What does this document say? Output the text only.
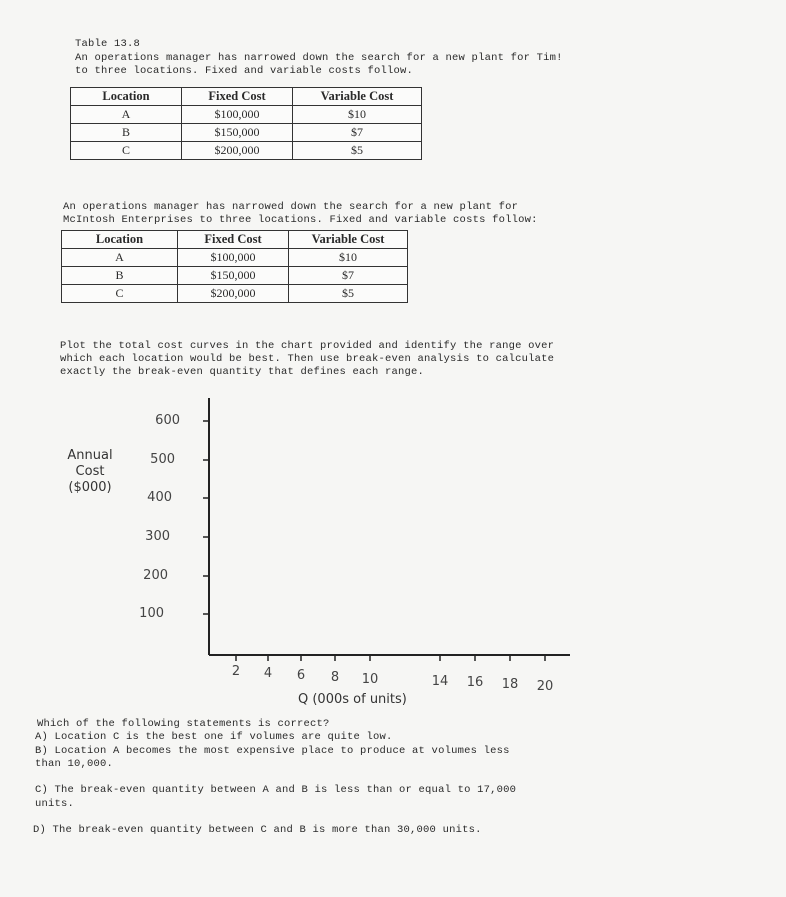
Table 13.8
An operations manager has narrowed down the search for a new plant for Tim!
to three locations. Fixed and variable costs follow.
Location	Fixed Cost	Variable Cost
A	$100,000	$10
B	$150,000	$7
C	$200,000	$5
An operations manager has narrowed down the search for a new plant for
McIntosh Enterprises to three locations. Fixed and variable costs follow:
Location	Fixed Cost	Variable Cost
A	$100,000	$10
B	$150,000	$7
C	$200,000	$5
Plot the total cost curves in the chart provided and identify the range over
which each location would be best. Then use break-even analysis to calculate
exactly the break-even quantity that defines each range.
Annual
Cost
($000)
600
500
400
300
200
100
2	4	6	8	10	14	16	18	20
Q (000s of units)
Which of the following statements is correct?
A) Location C is the best one if volumes are quite low.
B) Location A becomes the most expensive place to produce at volumes less
than 10,000.
C) The break-even quantity between A and B is less than or equal to 17,000
units.
D) The break-even quantity between C and B is more than 30,000 units.
